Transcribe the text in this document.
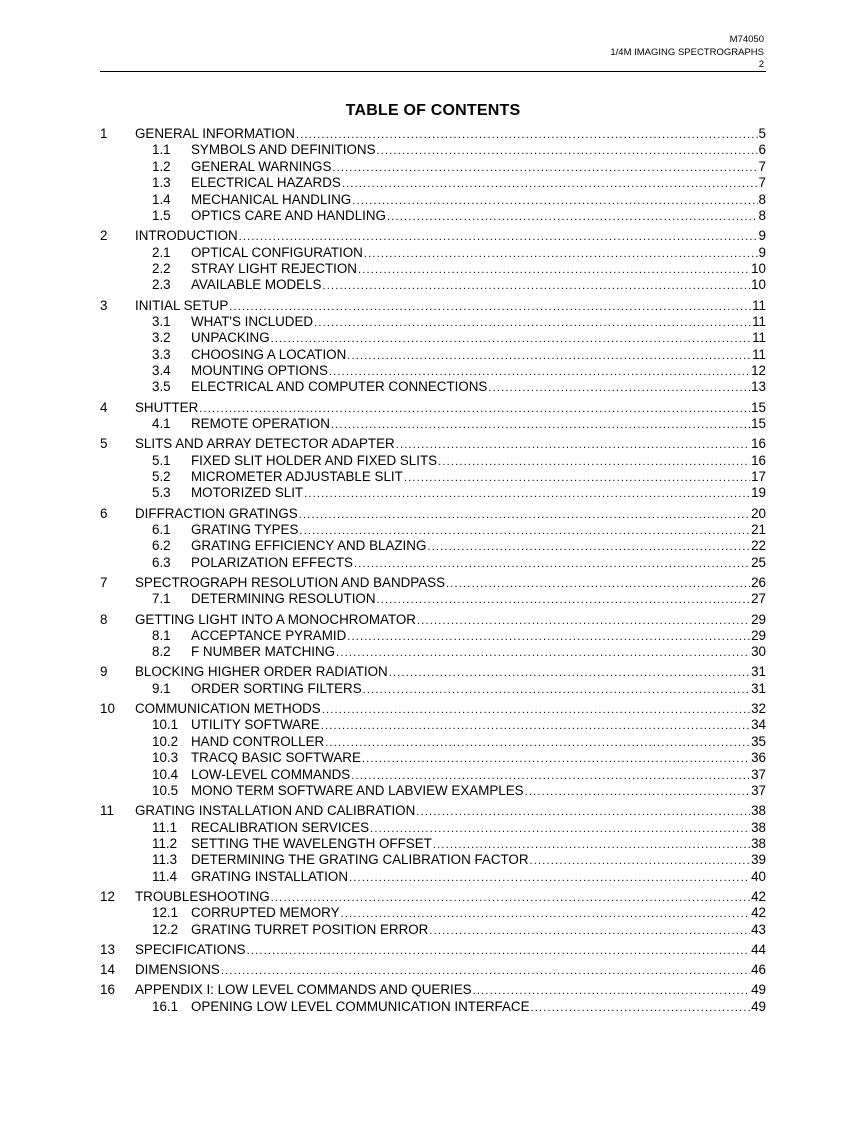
M74050
1/4M IMAGING SPECTROGRAPHS
2
TABLE OF CONTENTS
1 GENERAL INFORMATION .....	5
1.1 SYMBOLS AND DEFINITIONS .....	6
1.2 GENERAL WARNINGS .....	7
1.3 ELECTRICAL HAZARDS .....	7
1.4 MECHANICAL HANDLING .....	8
1.5 OPTICS CARE AND HANDLING .....	8
2 INTRODUCTION .....	9
2.1 OPTICAL CONFIGURATION .....	9
2.2 STRAY LIGHT REJECTION .....	10
2.3 AVAILABLE MODELS .....	10
3 INITIAL SETUP .....	11
3.1 WHAT'S INCLUDED .....	11
3.2 UNPACKING .....	11
3.3 CHOOSING A LOCATION .....	11
3.4 MOUNTING OPTIONS .....	12
3.5 ELECTRICAL AND COMPUTER CONNECTIONS .....	13
4 SHUTTER .....	15
4.1 REMOTE OPERATION .....	15
5 SLITS AND ARRAY DETECTOR ADAPTER .....	16
5.1 FIXED SLIT HOLDER AND FIXED SLITS .....	16
5.2 MICROMETER ADJUSTABLE SLIT .....	17
5.3 MOTORIZED SLIT .....	19
6 DIFFRACTION GRATINGS .....	20
6.1 GRATING TYPES .....	21
6.2 GRATING EFFICIENCY AND BLAZING .....	22
6.3 POLARIZATION EFFECTS .....	25
7 SPECTROGRAPH RESOLUTION AND BANDPASS .....	26
7.1 DETERMINING RESOLUTION .....	27
8 GETTING LIGHT INTO A MONOCHROMATOR .....	29
8.1 ACCEPTANCE PYRAMID .....	29
8.2 F NUMBER MATCHING .....	30
9 BLOCKING HIGHER ORDER RADIATION .....	31
9.1 ORDER SORTING FILTERS .....	31
10 COMMUNICATION METHODS .....	32
10.1 UTILITY SOFTWARE .....	34
10.2 HAND CONTROLLER .....	35
10.3 TRACQ BASIC SOFTWARE .....	36
10.4 LOW-LEVEL COMMANDS .....	37
10.5 MONO TERM SOFTWARE AND LABVIEW EXAMPLES .....	37
11 GRATING INSTALLATION AND CALIBRATION .....	38
11.1 RECALIBRATION SERVICES .....	38
11.2 SETTING THE WAVELENGTH OFFSET .....	38
11.3 DETERMINING THE GRATING CALIBRATION FACTOR .....	39
11.4 GRATING INSTALLATION .....	40
12 TROUBLESHOOTING .....	42
12.1 CORRUPTED MEMORY .....	42
12.2 GRATING TURRET POSITION ERROR .....	43
13 SPECIFICATIONS .....	44
14 DIMENSIONS .....	46
16 APPENDIX I: LOW LEVEL COMMANDS AND QUERIES .....	49
16.1 OPENING LOW LEVEL COMMUNICATION INTERFACE .....	49
